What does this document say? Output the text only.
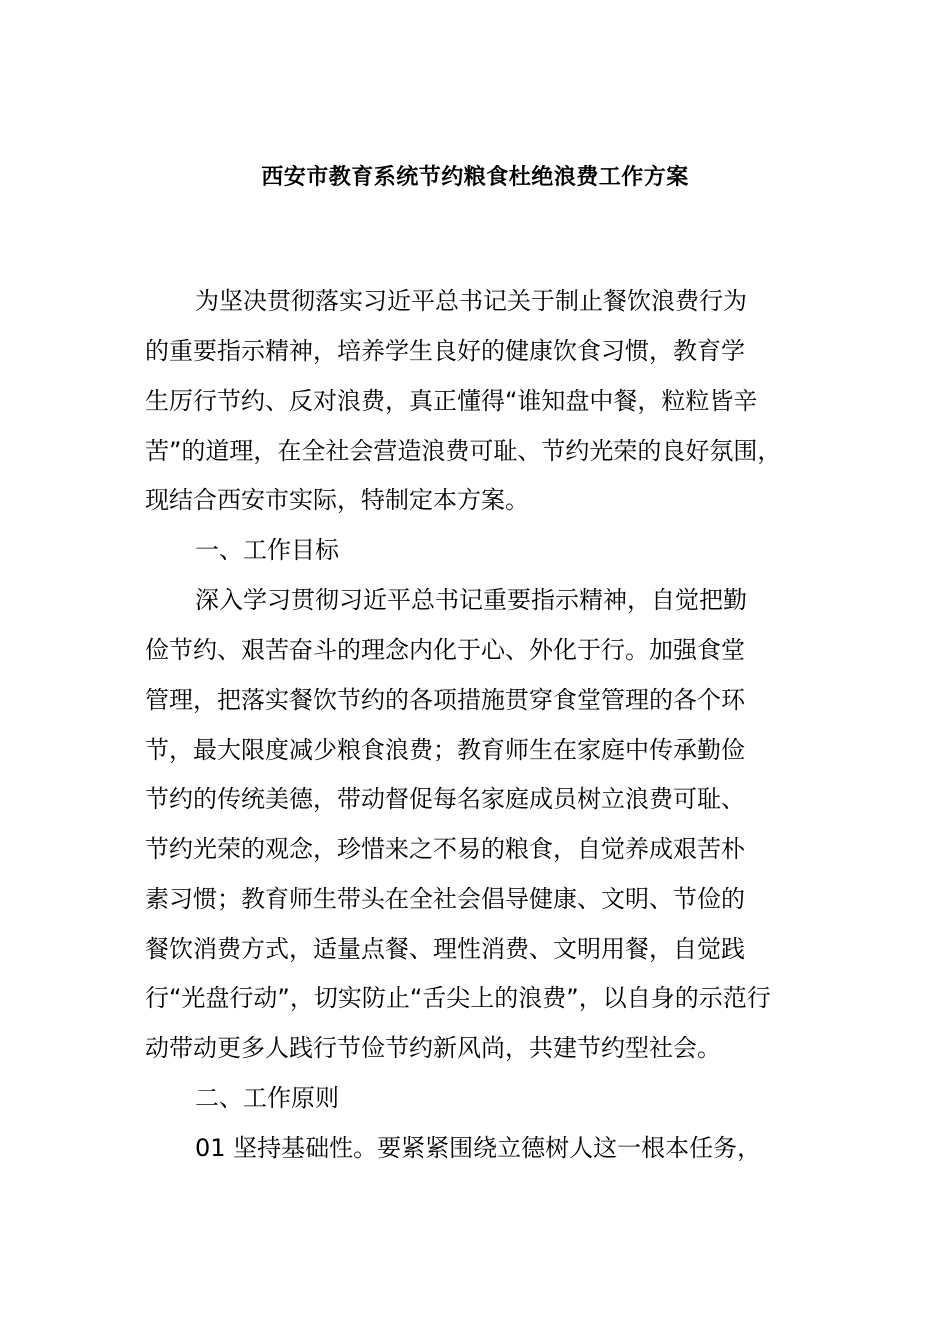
西安市教育系统节约粮食杜绝浪费工作方案
为坚决贯彻落实习近平总书记关于制止餐饮浪费行为
的重要指示精神，培养学生良好的健康饮食习惯，教育学
生厉行节约、反对浪费，真正懂得“谁知盘中餐，粒粒皆辛
苦”的道理，在全社会营造浪费可耻、节约光荣的良好氛围，
现结合西安市实际，特制定本方案。
一、工作目标
深入学习贯彻习近平总书记重要指示精神，自觉把勤
俭节约、艰苦奋斗的理念内化于心、外化于行。加强食堂
管理，把落实餐饮节约的各项措施贯穿食堂管理的各个环
节，最大限度减少粮食浪费；教育师生在家庭中传承勤俭
节约的传统美德，带动督促每名家庭成员树立浪费可耻、
节约光荣的观念，珍惜来之不易的粮食，自觉养成艰苦朴
素习惯；教育师生带头在全社会倡导健康、文明、节俭的
餐饮消费方式，适量点餐、理性消费、文明用餐，自觉践
行“光盘行动”，切实防止“舌尖上的浪费”，以自身的示范行
动带动更多人践行节俭节约新风尚，共建节约型社会。
二、工作原则
01 坚持基础性。要紧紧围绕立德树人这一根本任务，
